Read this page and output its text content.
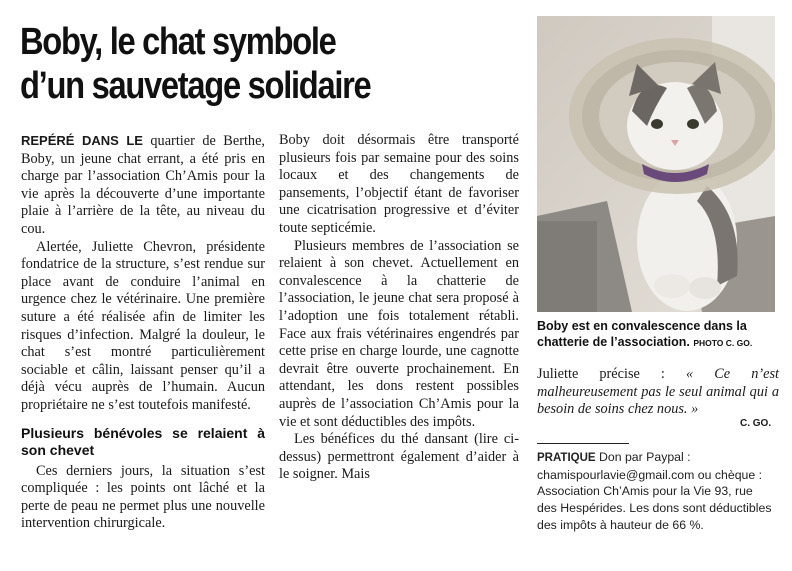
Boby, le chat symbole
d’un sauvetage solidaire

REPÉRÉ DANS LE quartier de Berthe, Boby, un jeune chat errant, a été pris en charge par l’association Ch’Amis pour la vie après la découverte d’une importante plaie à l’arrière de la tête, au niveau du cou.

Alertée, Juliette Chevron, présidente fondatrice de la structure, s’est rendue sur place avant de conduire l’animal en urgence chez le vétérinaire. Une première suture a été réalisée afin de limiter les risques d’infection. Malgré la douleur, le chat s’est montré particulièrement sociable et câlin, laissant penser qu’il a déjà vécu auprès de l’humain. Aucun propriétaire ne s’est toutefois manifesté.

Plusieurs bénévoles se relaient à son chevet

Ces derniers jours, la situation s’est compliquée : les points ont lâché et la perte de peau ne permet plus une nouvelle intervention chirurgicale.

Boby doit désormais être transporté plusieurs fois par semaine pour des soins locaux et des changements de pansements, l’objectif étant de favoriser une cicatrisation progressive et d’éviter toute septicémie.

Plusieurs membres de l’association se relaient à son chevet. Actuellement en convalescence à la chatterie de l’association, le jeune chat sera proposé à l’adoption une fois totalement rétabli. Face aux frais vétérinaires engendrés par cette prise en charge lourde, une cagnotte devrait être ouverte prochainement. En attendant, les dons restent possibles auprès de l’association Ch’Amis pour la vie et sont déductibles des impôts.

Les bénéfices du thé dansant (lire ci-dessus) permettront également d’aider à le soigner. Mais

Boby est en convalescence dans la chatterie de l’association. PHOTO C. GO.

Juliette précise : « Ce n’est malheureusement pas le seul animal qui a besoin de soins chez nous. »

C. GO.
PRATIQUE Don par Paypal : chamispourlavie@gmail.com ou chèque : Association Ch’Amis pour la Vie 93, rue des Hespérides. Les dons sont déductibles des impôts à hauteur de 66 %.
